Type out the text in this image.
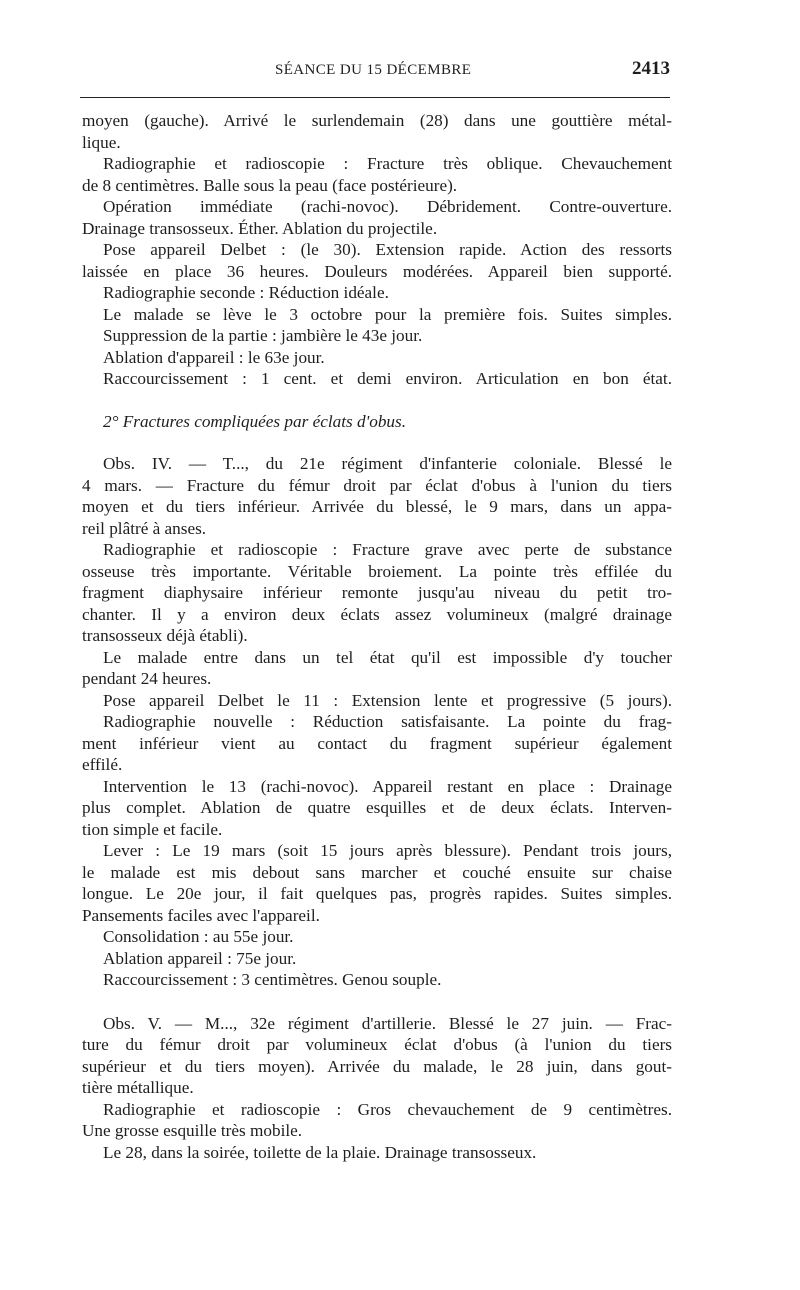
SÉANCE DU 15 DÉCEMBRE	2413
moyen (gauche). Arrivé le surlendemain (28) dans une gouttière métal-
lique.
Radiographie et radioscopie : Fracture très oblique. Chevauchement
de 8 centimètres. Balle sous la peau (face postérieure).
Opération immédiate (rachi-novoc). Débridement. Contre-ouverture.
Drainage transosseux. Éther. Ablation du projectile.
Pose appareil Delbet : (le 30). Extension rapide. Action des ressorts
laissée en place 36 heures. Douleurs modérées. Appareil bien supporté.
Radiographie seconde : Réduction idéale.
Le malade se lève le 3 octobre pour la première fois. Suites simples.
Suppression de la partie : jambière le 43e jour.
Ablation d'appareil : le 63e jour.
Raccourcissement : 1 cent. et demi environ. Articulation en bon état.
2° Fractures compliquées par éclats d'obus.
Obs. IV. — T..., du 21e régiment d'infanterie coloniale. Blessé le
4 mars. — Fracture du fémur droit par éclat d'obus à l'union du tiers
moyen et du tiers inférieur. Arrivée du blessé, le 9 mars, dans un appa-
reil plâtré à anses.
Radiographie et radioscopie : Fracture grave avec perte de substance
osseuse très importante. Véritable broiement. La pointe très effilée du
fragment diaphysaire inférieur remonte jusqu'au niveau du petit tro-
chanter. Il y a environ deux éclats assez volumineux (malgré drainage
transosseux déjà établi).
Le malade entre dans un tel état qu'il est impossible d'y toucher
pendant 24 heures.
Pose appareil Delbet le 11 : Extension lente et progressive (5 jours).
Radiographie nouvelle : Réduction satisfaisante. La pointe du frag-
ment inférieur vient au contact du fragment supérieur également
effilé.
Intervention le 13 (rachi-novoc). Appareil restant en place : Drainage
plus complet. Ablation de quatre esquilles et de deux éclats. Interven-
tion simple et facile.
Lever : Le 19 mars (soit 15 jours après blessure). Pendant trois jours,
le malade est mis debout sans marcher et couché ensuite sur chaise
longue. Le 20e jour, il fait quelques pas, progrès rapides. Suites simples.
Pansements faciles avec l'appareil.
Consolidation : au 55e jour.
Ablation appareil : 75e jour.
Raccourcissement : 3 centimètres. Genou souple.
Obs. V. — M..., 32e régiment d'artillerie. Blessé le 27 juin. — Frac-
ture du fémur droit par volumineux éclat d'obus (à l'union du tiers
supérieur et du tiers moyen). Arrivée du malade, le 28 juin, dans gout-
tière métallique.
Radiographie et radioscopie : Gros chevauchement de 9 centimètres.
Une grosse esquille très mobile.
Le 28, dans la soirée, toilette de la plaie. Drainage transosseux.
